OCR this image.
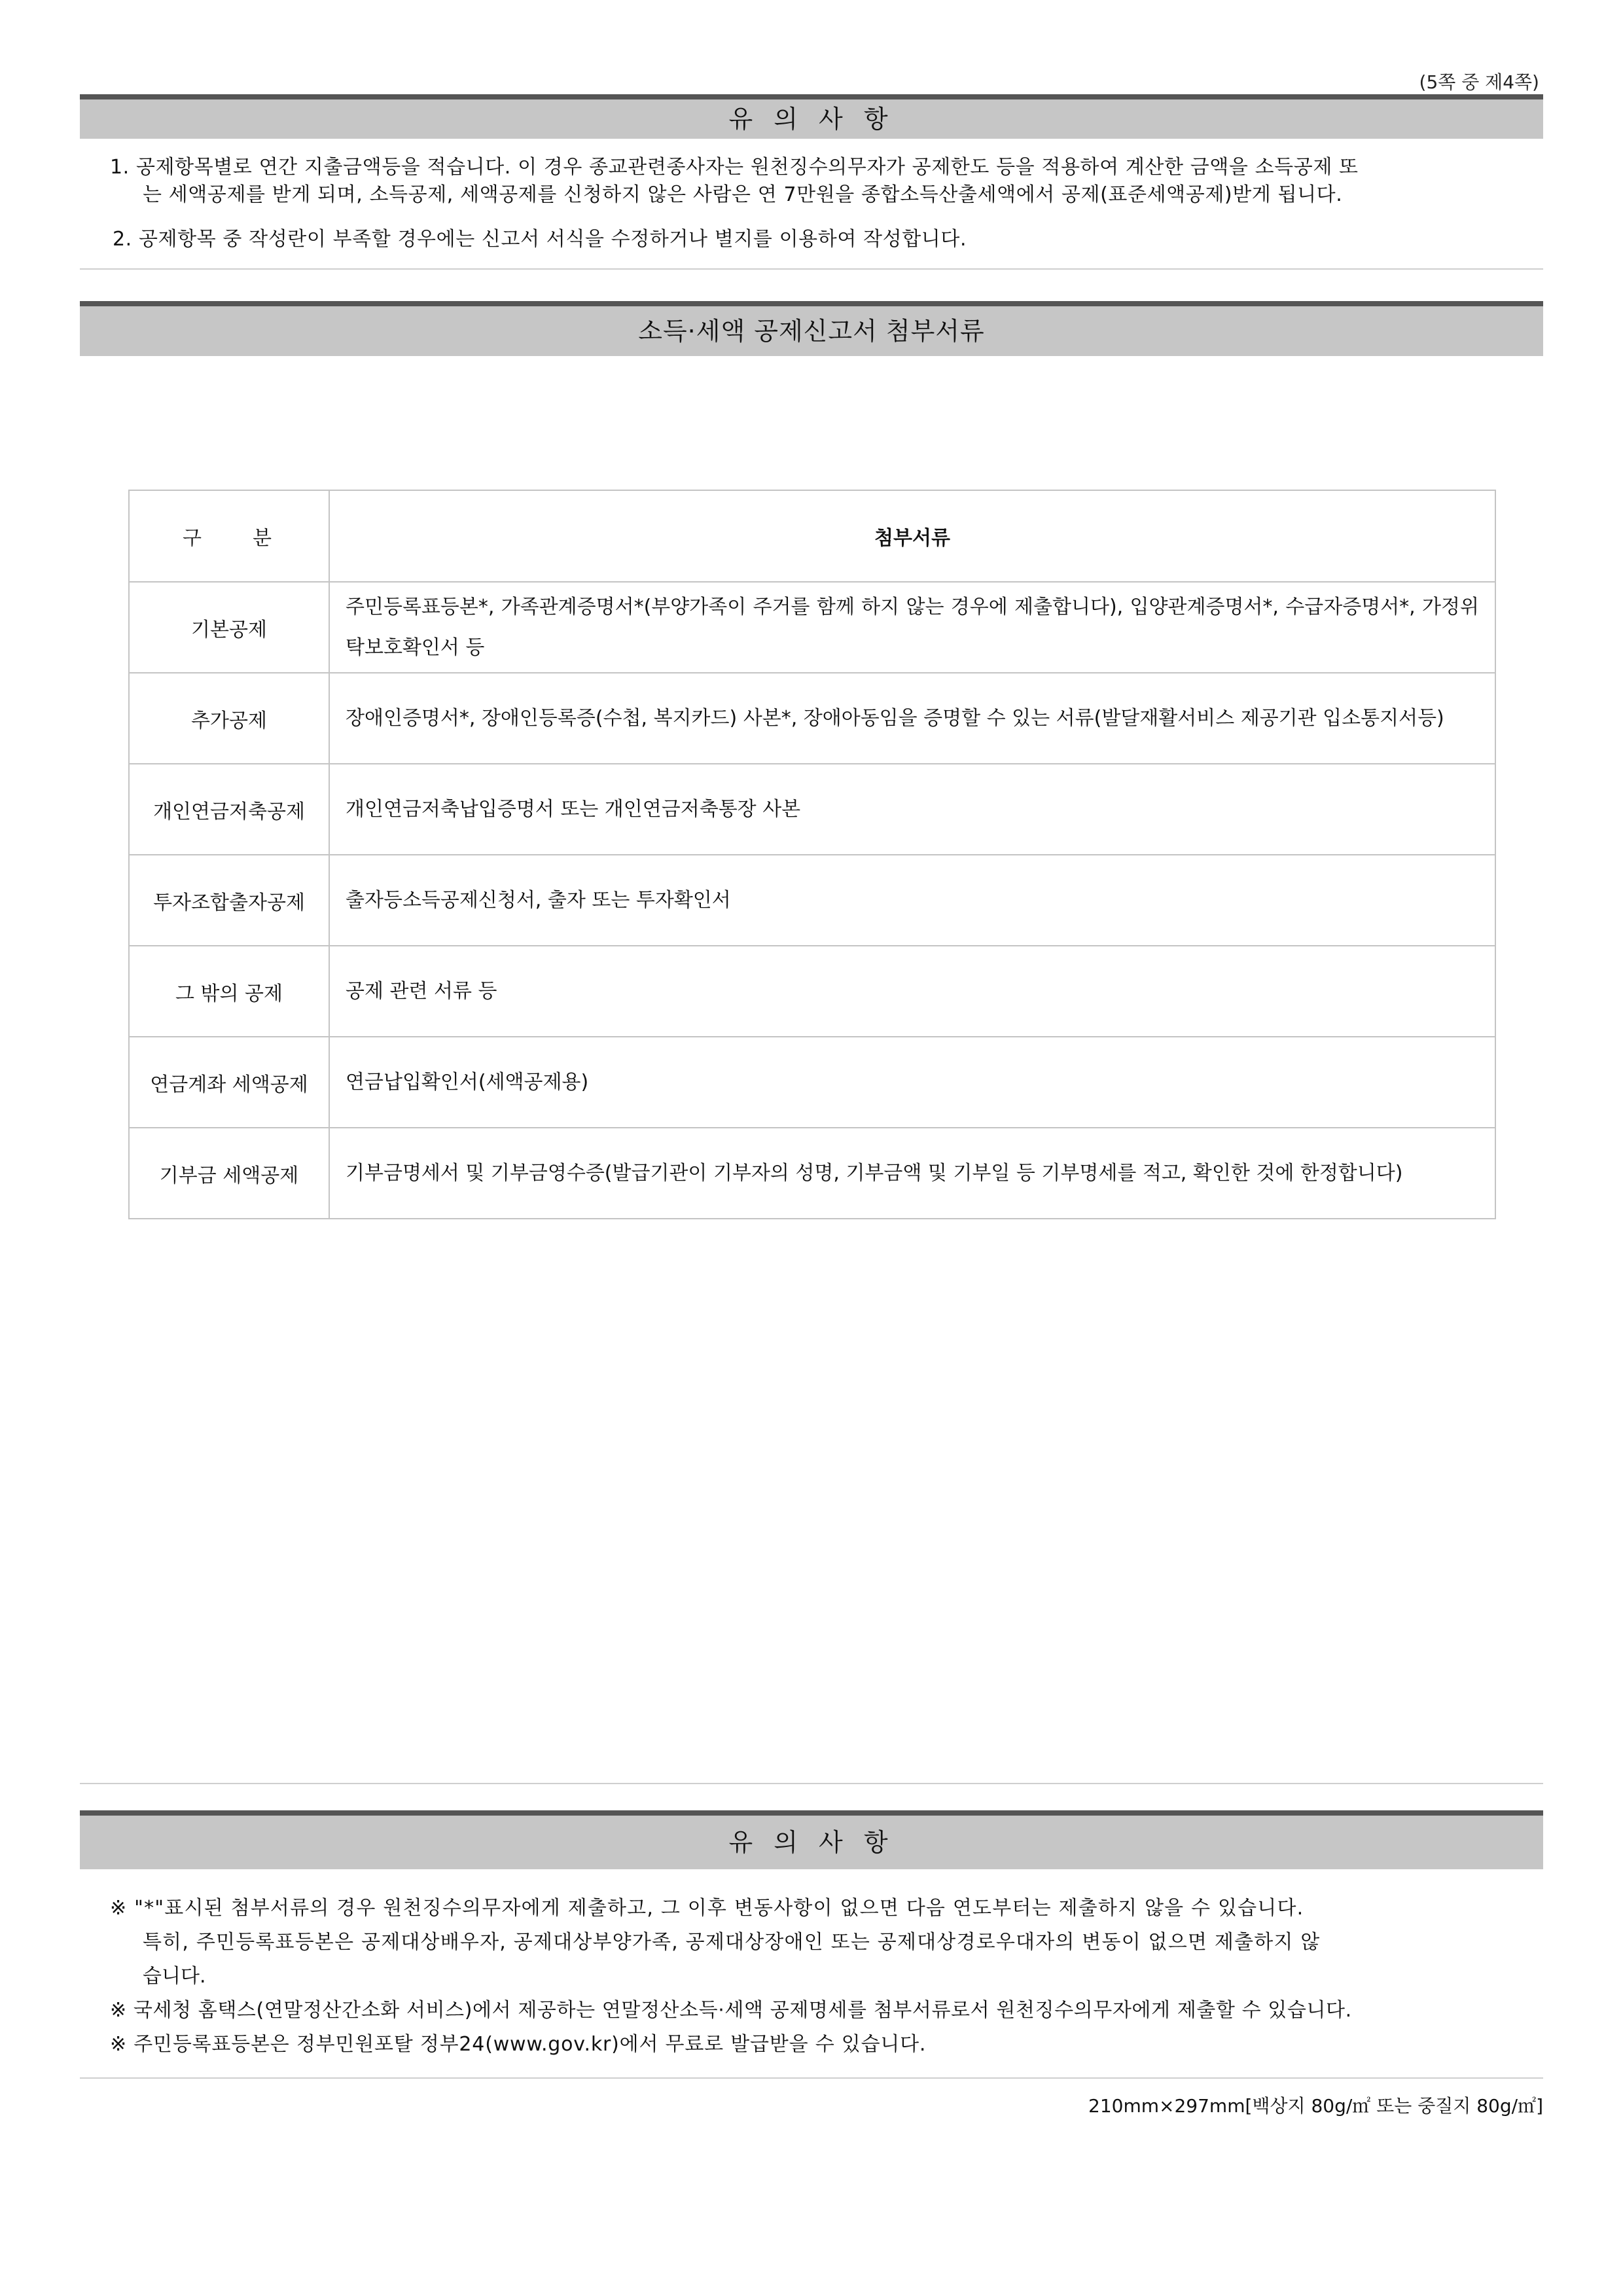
(5쪽 중 제4쪽)
유 의 사 항
1. 공제항목별로 연간 지출금액등을 적습니다. 이 경우 종교관련종사자는 원천징수의무자가 공제한도 등을 적용하여 계산한 금액을 소득공제 또
는 세액공제를 받게 되며, 소득공제, 세액공제를 신청하지 않은 사람은 연 7만원을 종합소득산출세액에서 공제(표준세액공제)받게 됩니다.
2. 공제항목 중 작성란이 부족할 경우에는 신고서 서식을 수정하거나 별지를 이용하여 작성합니다.
소득·세액 공제신고서 첨부서류
구　　분	첨부서류
기본공제	주민등록표등본*, 가족관계증명서*(부양가족이 주거를 함께 하지 않는 경우에 제출합니다), 입양관계증명서*, 수급자증명서*, 가정위탁보호확인서 등
추가공제	장애인증명서*, 장애인등록증(수첩, 복지카드) 사본*, 장애아동임을 증명할 수 있는 서류(발달재활서비스 제공기관 입소통지서등)
개인연금저축공제	개인연금저축납입증명서 또는 개인연금저축통장 사본
투자조합출자공제	출자등소득공제신청서, 출자 또는 투자확인서
그 밖의 공제	공제 관련 서류 등
연금계좌 세액공제	연금납입확인서(세액공제용)
기부금 세액공제	기부금명세서 및 기부금영수증(발급기관이 기부자의 성명, 기부금액 및 기부일 등 기부명세를 적고, 확인한 것에 한정합니다)
유 의 사 항
※ "*"표시된 첨부서류의 경우 원천징수의무자에게 제출하고, 그 이후 변동사항이 없으면 다음 연도부터는 제출하지 않을 수 있습니다.
특히, 주민등록표등본은 공제대상배우자, 공제대상부양가족, 공제대상장애인 또는 공제대상경로우대자의 변동이 없으면 제출하지 않
습니다.
※ 국세청 홈택스(연말정산간소화 서비스)에서 제공하는 연말정산소득·세액 공제명세를 첨부서류로서 원천징수의무자에게 제출할 수 있습니다.
※ 주민등록표등본은 정부민원포탈 정부24(www.gov.kr)에서 무료로 발급받을 수 있습니다.
210mm×297mm[백상지 80g/㎡ 또는 중질지 80g/㎡]
